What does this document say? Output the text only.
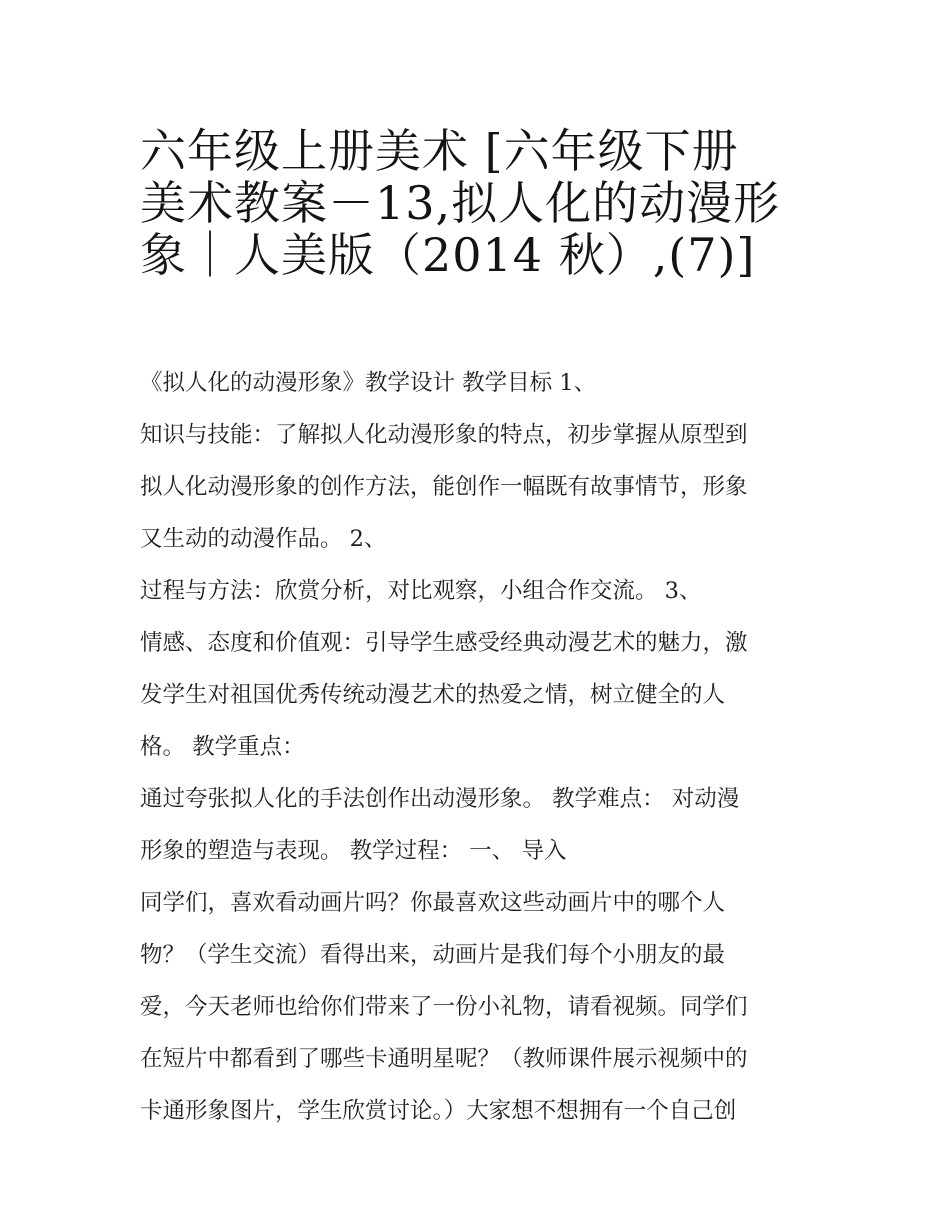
六年级上册美术 [六年级下册
美术教案－13,拟人化的动漫形
象｜人美版（2014 秋）,(7)]
《拟人化的动漫形象》教学设计 教学目标 1、
知识与技能：了解拟人化动漫形象的特点，初步掌握从原型到
拟人化动漫形象的创作方法，能创作一幅既有故事情节，形象
又生动的动漫作品。 2、
过程与方法：欣赏分析，对比观察，小组合作交流。 3、
情感、态度和价值观：引导学生感受经典动漫艺术的魅力，激
发学生对祖国优秀传统动漫艺术的热爱之情，树立健全的人
格。 教学重点：
通过夸张拟人化的手法创作出动漫形象。 教学难点： 对动漫
形象的塑造与表现。 教学过程： 一、 导入
同学们，喜欢看动画片吗？你最喜欢这些动画片中的哪个人
物？（学生交流）看得出来，动画片是我们每个小朋友的最
爱，今天老师也给你们带来了一份小礼物，请看视频。同学们
在短片中都看到了哪些卡通明星呢？（教师课件展示视频中的
卡通形象图片，学生欣赏讨论。）大家想不想拥有一个自己创
